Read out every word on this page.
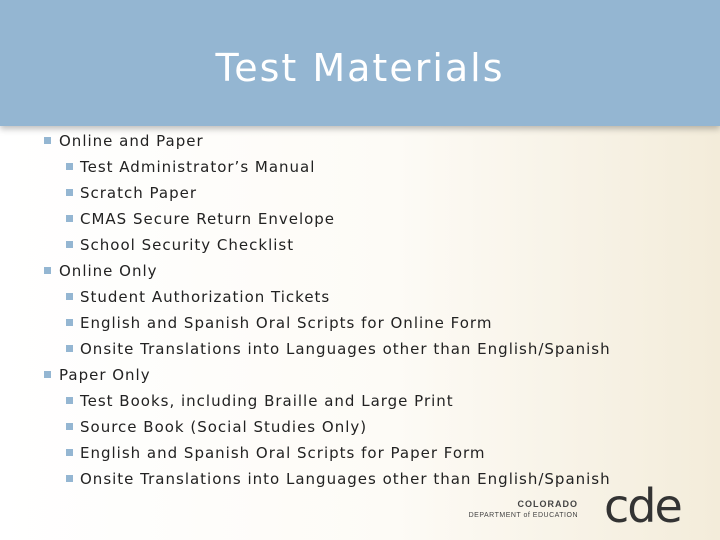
Test Materials
Online and Paper
Test Administrator’s Manual
Scratch Paper
CMAS Secure Return Envelope
School Security Checklist
Online Only
Student Authorization Tickets
English and Spanish Oral Scripts for Online Form
Onsite Translations into Languages other than English/Spanish
Paper Only
Test Books, including Braille and Large Print
Source Book (Social Studies Only)
English and Spanish Oral Scripts for Paper Form
Onsite Translations into Languages other than English/Spanish
COLORADO
DEPARTMENT of EDUCATION cde
